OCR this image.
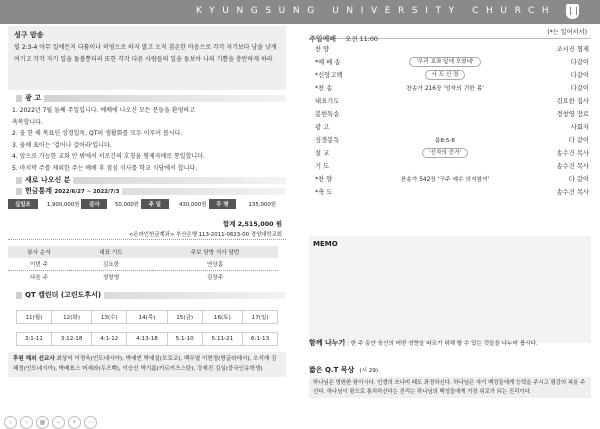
KYUNGSUNG UNIVERSITY CHURCH
성구 암송
빌 2:3-4 아무 일에든지 다툼이나 허영으로 하지 말고 오직 겸손한 마음으로 각각 자기보다 남을 낫게 여기고 각각 자기 일을 돌볼뿐더러 또한 각각 다른 사람들의 일을 돌보아 나의 기쁨을 충만하게 하라
광 고
1. 2022년 7월 둘째 주일입니다. 예배에 나오신 모든 분들을 환영하고
축복합니다.
2. 올 한 해 목표인 성경일독, QT의 생활화를 모두 이루어 봅시다.
3. 올해 표어는 '걸어나 걸어라'입니다.
4. 앞으로 가능한 교회 안 밖에서 서로간의 호칭을 형제자매로 통일합니다.
5. 마지막 주를 제외한 주는 예배 후 점심 식사를 학교 식당에서 합니다.
새로 나오신 분
헌금통계 2022/6/27 ~ 2022/7/3
십일조	1,900,000원	감사	50,000원	주 일	430,000원	무 명	135,000원
합계 2,515,000 원
<온라인헌금계좌> 부산은행 113-2011-0623-00 경성대학교회
봉사 순서	대표 기도	주보 담방 식사 담번
이번 주	김요한	연상흠
다음 주	정창영	김장주
QT 캘린더 (고린도후서)
11(월)	12(화)	13(수)	14(목)	15(금)	16(토)	17(일)

3:1-11	3:12-18	4:1-12	4:13-18	5:1-10	5:11-21	6:1-13
후원 해외 선교사 최상익 이정욱(인도네시아), 박예빈 박예실(모로코), 백무열 이현정(방글라데시), 오석재 김혜정(인도네시아), 박배표스 머세라(우즈벡), 이승신 박기롬(키르키즈스탄), 강재진 김실(중국인유학생)
주일예배 오전 11:00
(*는 일어서서)
찬 양		조시진 형제
*예 배 송	'우리 보좌 앞에 모였네'	다같이
*신앙고백	사 도 신 경	다같이
*찬 송	찬송가 216장 '성자의 귀한 몸'	다같이
대표기도		김요한 집사
봉헌특송		정창영 장로
광 고		사회자
성경봉독	롬8:5-8	다 같이
설 교	'신자의 증거'	송수건 목사
기 도		송수건 목사
*찬 양	찬송가 542장 '구주 예수 의지함이'	다 같이
*축 도		송수건 목사
MEMO
함께 나누기 : 한 주 동안 육신의 어떤 성향을 따르기 위해 할 수 있는 것들을 나누어 봅시다.
짧은 Q.T 묵상 (시 29)
하나님은 영원한 왕이시다. 인생의 쓰나미 때도 좌정하신다. 하나님은 자기 백성들에게 능력을 주시고 평강의 복을 주신다. 하나님이 왕으로 통치하신다는 진리는 하나님의 백성들에게 가장 위로가 되는 진리이다.
‹ › ▦ − + ⋯
